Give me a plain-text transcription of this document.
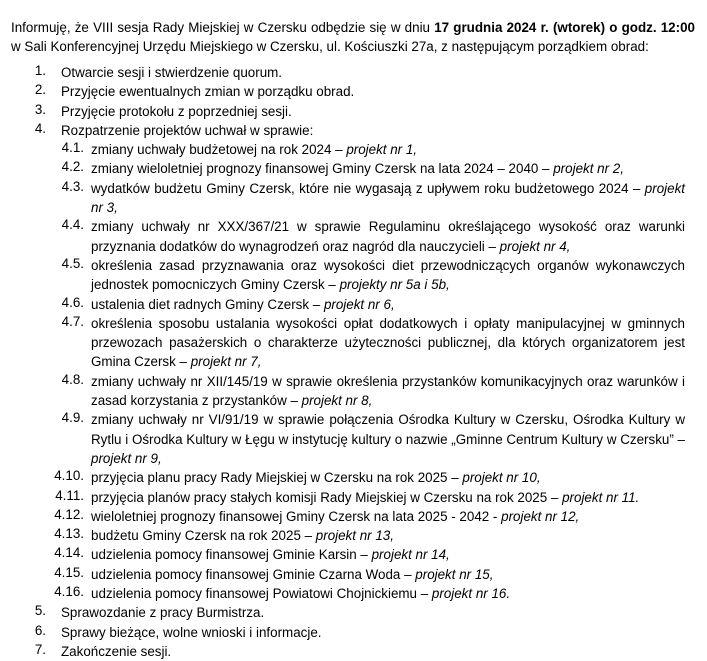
Informuję, że VIII sesja Rady Miejskiej w Czersku odbędzie się w dniu 17 grudnia 2024 r. (wtorek) o godz. 12:00 w Sali Konferencyjnej Urzędu Miejskiego w Czersku, ul. Kościuszki 27a, z następującym porządkiem obrad:

1. Otwarcie sesji i stwierdzenie quorum.
2. Przyjęcie ewentualnych zmian w porządku obrad.
3. Przyjęcie protokołu z poprzedniej sesji.
4. Rozpatrzenie projektów uchwał w sprawie:
4.1. zmiany uchwały budżetowej na rok 2024 – projekt nr 1,
4.2. zmiany wieloletniej prognozy finansowej Gminy Czersk na lata 2024 – 2040 – projekt nr 2,
4.3. wydatków budżetu Gminy Czersk, które nie wygasają z upływem roku budżetowego 2024 – projekt nr 3,
4.4. zmiany uchwały nr XXX/367/21 w sprawie Regulaminu określającego wysokość oraz warunki przyznania dodatków do wynagrodzeń oraz nagród dla nauczycieli – projekt nr 4,
4.5. określenia zasad przyznawania oraz wysokości diet przewodniczących organów wykonawczych jednostek pomocniczych Gminy Czersk – projekty nr 5a i 5b,
4.6. ustalenia diet radnych Gminy Czersk – projekt nr 6,
4.7. określenia sposobu ustalania wysokości opłat dodatkowych i opłaty manipulacyjnej w gminnych przewozach pasażerskich o charakterze użyteczności publicznej, dla których organizatorem jest Gmina Czersk – projekt nr 7,
4.8. zmiany uchwały nr XII/145/19 w sprawie określenia przystanków komunikacyjnych oraz warunków i zasad korzystania z przystanków – projekt nr 8,
4.9. zmiany uchwały nr VI/91/19 w sprawie połączenia Ośrodka Kultury w Czersku, Ośrodka Kultury w Rytlu i Ośrodka Kultury w Łęgu w instytucję kultury o nazwie „Gminne Centrum Kultury w Czersku” – projekt nr 9,
4.10. przyjęcia planu pracy Rady Miejskiej w Czersku na rok 2025 – projekt nr 10,
4.11. przyjęcia planów pracy stałych komisji Rady Miejskiej w Czersku na rok 2025 – projekt nr 11.
4.12. wieloletniej prognozy finansowej Gminy Czersk na lata 2025 - 2042 - projekt nr 12,
4.13. budżetu Gminy Czersk na rok 2025 – projekt nr 13,
4.14. udzielenia pomocy finansowej Gminie Karsin – projekt nr 14,
4.15. udzielenia pomocy finansowej Gminie Czarna Woda – projekt nr 15,
4.16. udzielenia pomocy finansowej Powiatowi Chojnickiemu – projekt nr 16.
5. Sprawozdanie z pracy Burmistrza.
6. Sprawy bieżące, wolne wnioski i informacje.
7. Zakończenie sesji.
